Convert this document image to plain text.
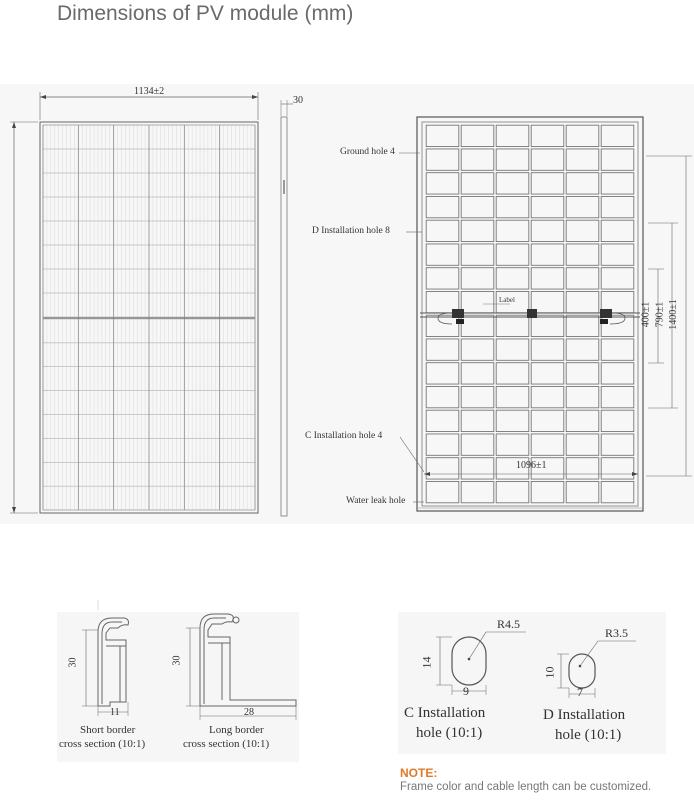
Dimensions of PV module (mm)
1134±2
30
Ground hole 4
D Installation hole 8
C Installation hole 4
Water leak hole
Label
400±1 790±1 1400±1
1096±1
30
11
Short border
cross section (10:1)
30
28
Long border
cross section (10:1)
R4.5
14
9
C Installation
hole (10:1)
R3.5
10
7
D Installation
hole (10:1)
NOTE:
Frame color and cable length can be customized.
